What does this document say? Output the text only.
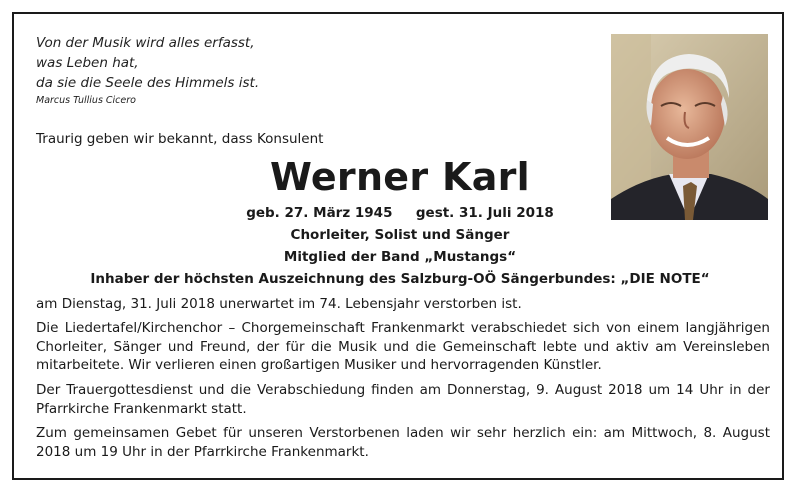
Von der Musik wird alles erfasst,
was Leben hat,
da sie die Seele des Himmels ist.
Marcus Tullius Cicero
Traurig geben wir bekannt, dass Konsulent
Werner Karl
geb. 27. März 1945 gest. 31. Juli 2018
Chorleiter, Solist und Sänger
Mitglied der Band „Mustangs“
Inhaber der höchsten Auszeichnung des Salzburg-OÖ Sängerbundes: „DIE NOTE“
am Dienstag, 31. Juli 2018 unerwartet im 74. Lebensjahr verstorben ist.
Die Liedertafel/Kirchenchor – Chorgemeinschaft Frankenmarkt verabschiedet sich von einem langjährigen Chorleiter, Sänger und Freund, der für die Musik und die Gemeinschaft lebte und aktiv am Vereinsleben mitarbeitete. Wir verlieren einen großartigen Musiker und hervorragenden Künstler.
Der Trauergottesdienst und die Verabschiedung finden am Donnerstag, 9. August 2018 um 14 Uhr in der Pfarrkirche Frankenmarkt statt.
Zum gemeinsamen Gebet für unseren Verstorbenen laden wir sehr herzlich ein: am Mittwoch, 8. August 2018 um 19 Uhr in der Pfarrkirche Frankenmarkt.
